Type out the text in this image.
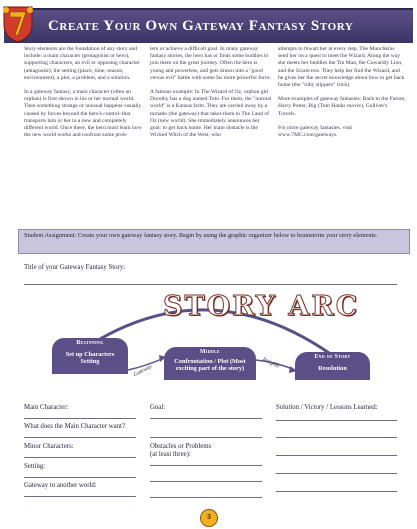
Create Your Own Gateway Fantasy Story

Story elements are the foundation of any story and include: a main character (protagonist or hero), supporting characters, an evil or opposing character (antagonist), the setting (place, time, season, environment), a plot, a problem, and a solution.

In a gateway fantasy, a main character (often an orphan) is first shown in his or her normal world. Then something strange or unusual happens–usually caused by forces beyond the hero's control–that transports him or her to a new and completely different world. Once there, the hero must learn how the new world works and confront some prob-

lem or achieve a difficult goal. In many gateway fantasy stories, the hero has or finds some buddies to join them on the great journey. Often the hero is young and powerless, and gets drawn into a "good versus evil" battle with some far more powerful force.

A famous example: In The Wizard of Oz, orphan girl Dorothy has a dog named Toto. For them, the "normal world" is a Kansas farm. They are carried away by a tornado (the gateway) that takes them to The Land of Oz (new world). She immediately announces her goal: to get back home. Her main obstacle is the Wicked Witch of the West, who

attempts to thwart her at every step. The Munchkins send her on a quest to meet the Wizard. Along the way she meets her buddies the Tin Man, the Cowardly Lion, and the Scarecrow. They help her find the Wizard, and he gives her the secret knowledge about how to get back home (the "ruby slippers" trick).

More examples of gateway fantasies: Back to the Future, Harry Potter, Big (Tom Hanks movie), Gulliver's Travels.

For more gateway fantasies, visit www.7MC.com/gateways.

Student Assignment: Create your own gateway fantasy story. Begin by using the graphic organizer below to brainstorm your story elements.
Title of your Gateway Fantasy Story:
STORY ARC
Beginning
Set up Characters Setting
Middle
Confrontation / Plot (Most exciting part of the story)
End of Story
Resolution
Gateway
Insights
Main Character:
What does the Main Character want?
Minor Characters:
Setting:
Gateway to another world:
Goal:
Obstacles or Problems
(at least three):
Solution / Victory / Lessons Learned:
3
